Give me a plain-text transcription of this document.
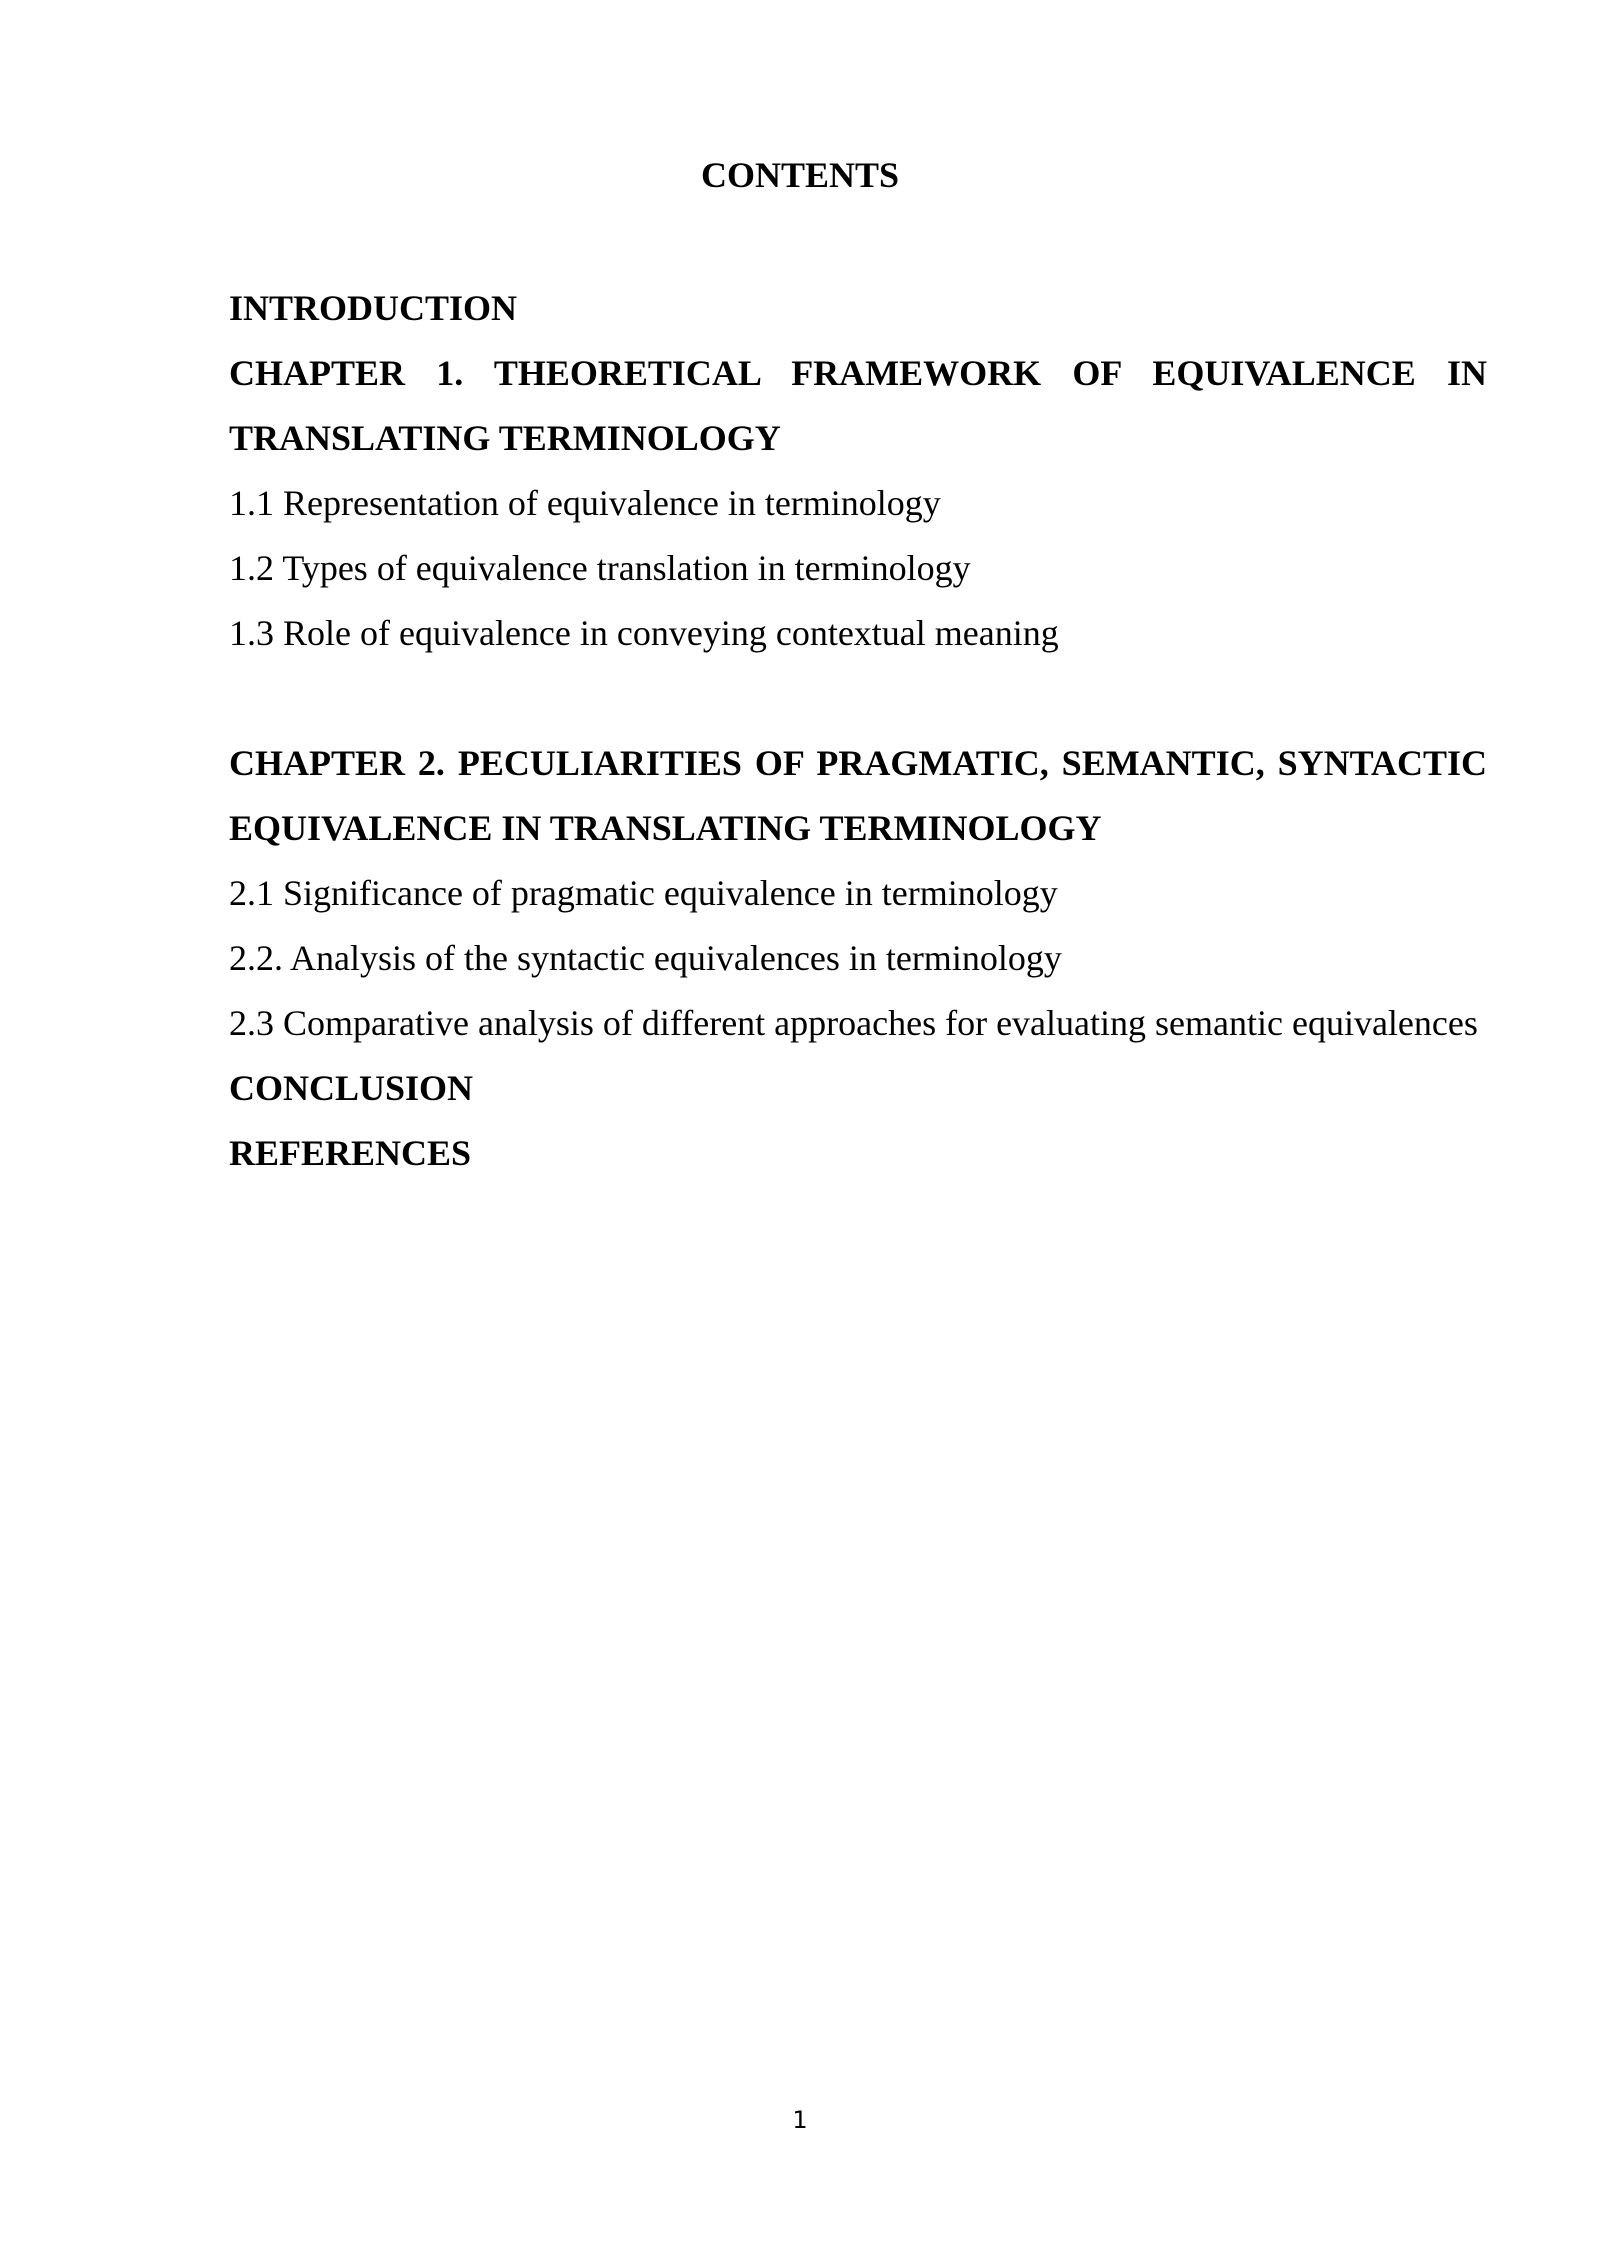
CONTENTS

INTRODUCTION

CHAPTER 1. THEORETICAL FRAMEWORK OF EQUIVALENCE IN TRANSLATING TERMINOLOGY

1.1 Representation of equivalence in terminology

1.2 Types of equivalence translation in terminology

1.3 Role of equivalence in conveying contextual meaning

CHAPTER 2. PECULIARITIES OF PRAGMATIC, SEMANTIC, SYNTACTIC EQUIVALENCE IN TRANSLATING TERMINOLOGY

2.1 Significance of pragmatic equivalence in terminology

2.2. Analysis of the syntactic equivalences in terminology

2.3 Comparative analysis of different approaches for evaluating semantic equivalences

CONCLUSION

REFERENCES

1
